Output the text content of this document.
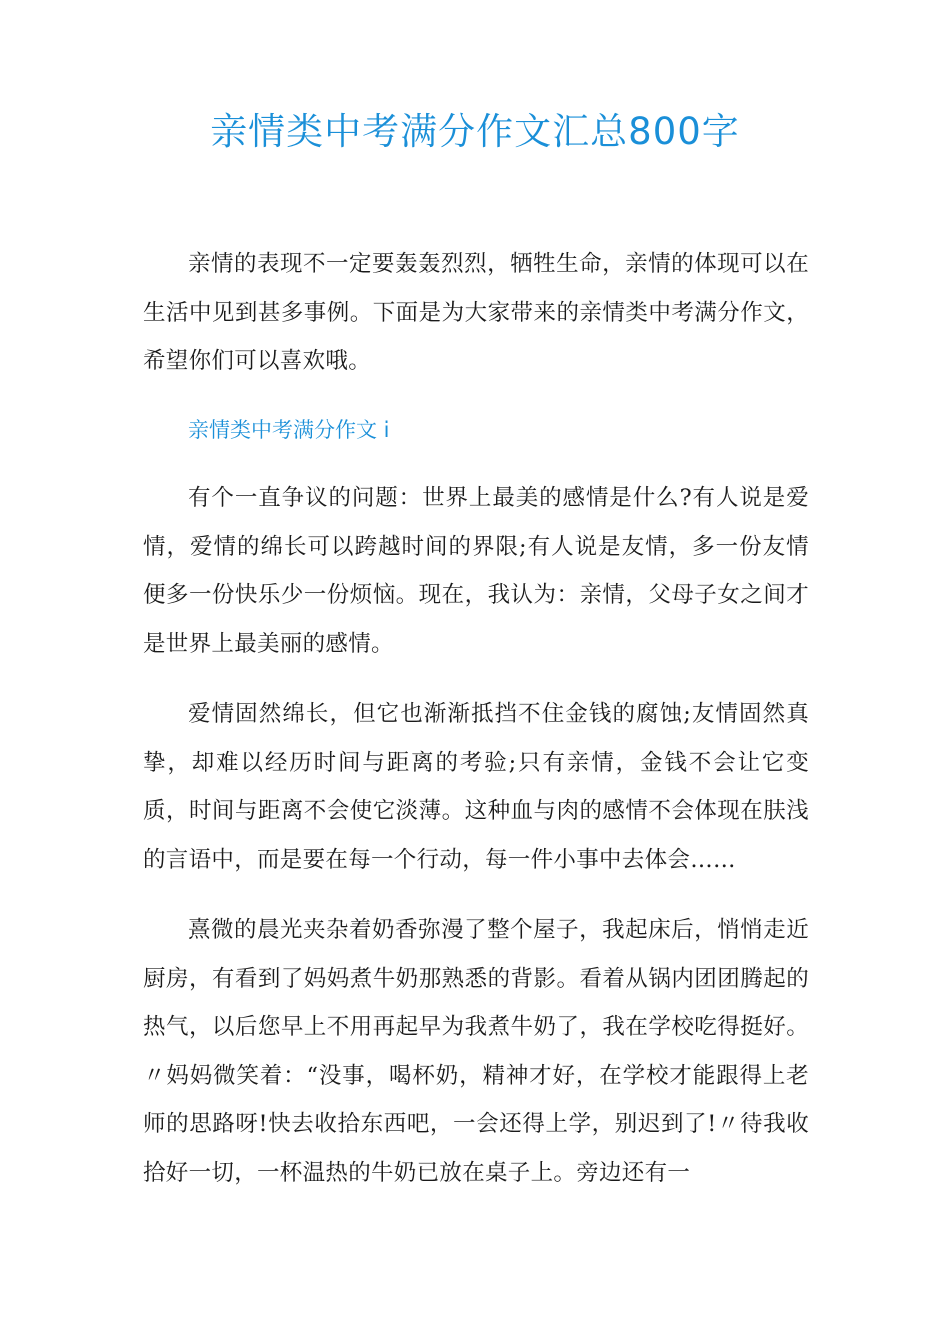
亲情类中考满分作文汇总800字

亲情的表现不一定要轰轰烈烈，牺牲生命，亲情的体现可以在生活中见到甚多事例。下面是为大家带来的亲情类中考满分作文，希望你们可以喜欢哦。

亲情类中考满分作文 i

有个一直争议的问题：世界上最美的感情是什么?有人说是爱情，爱情的绵长可以跨越时间的界限;有人说是友情，多一份友情便多一份快乐少一份烦恼。现在，我认为：亲情，父母子女之间才是世界上最美丽的感情。

爱情固然绵长，但它也渐渐抵挡不住金钱的腐蚀;友情固然真挚，却难以经历时间与距离的考验;只有亲情，金钱不会让它变质，时间与距离不会使它淡薄。这种血与肉的感情不会体现在肤浅的言语中，而是要在每一个行动，每一件小事中去体会……

熹微的晨光夹杂着奶香弥漫了整个屋子，我起床后，悄悄走近厨房，有看到了妈妈煮牛奶那熟悉的背影。看着从锅内团团腾起的热气，以后您早上不用再起早为我煮牛奶了，我在学校吃得挺好。〃妈妈微笑着：“没事，喝杯奶，精神才好，在学校才能跟得上老师的思路呀!快去收拾东西吧，一会还得上学，别迟到了!〃待我收拾好一切，一杯温热的牛奶已放在桌子上。旁边还有一
